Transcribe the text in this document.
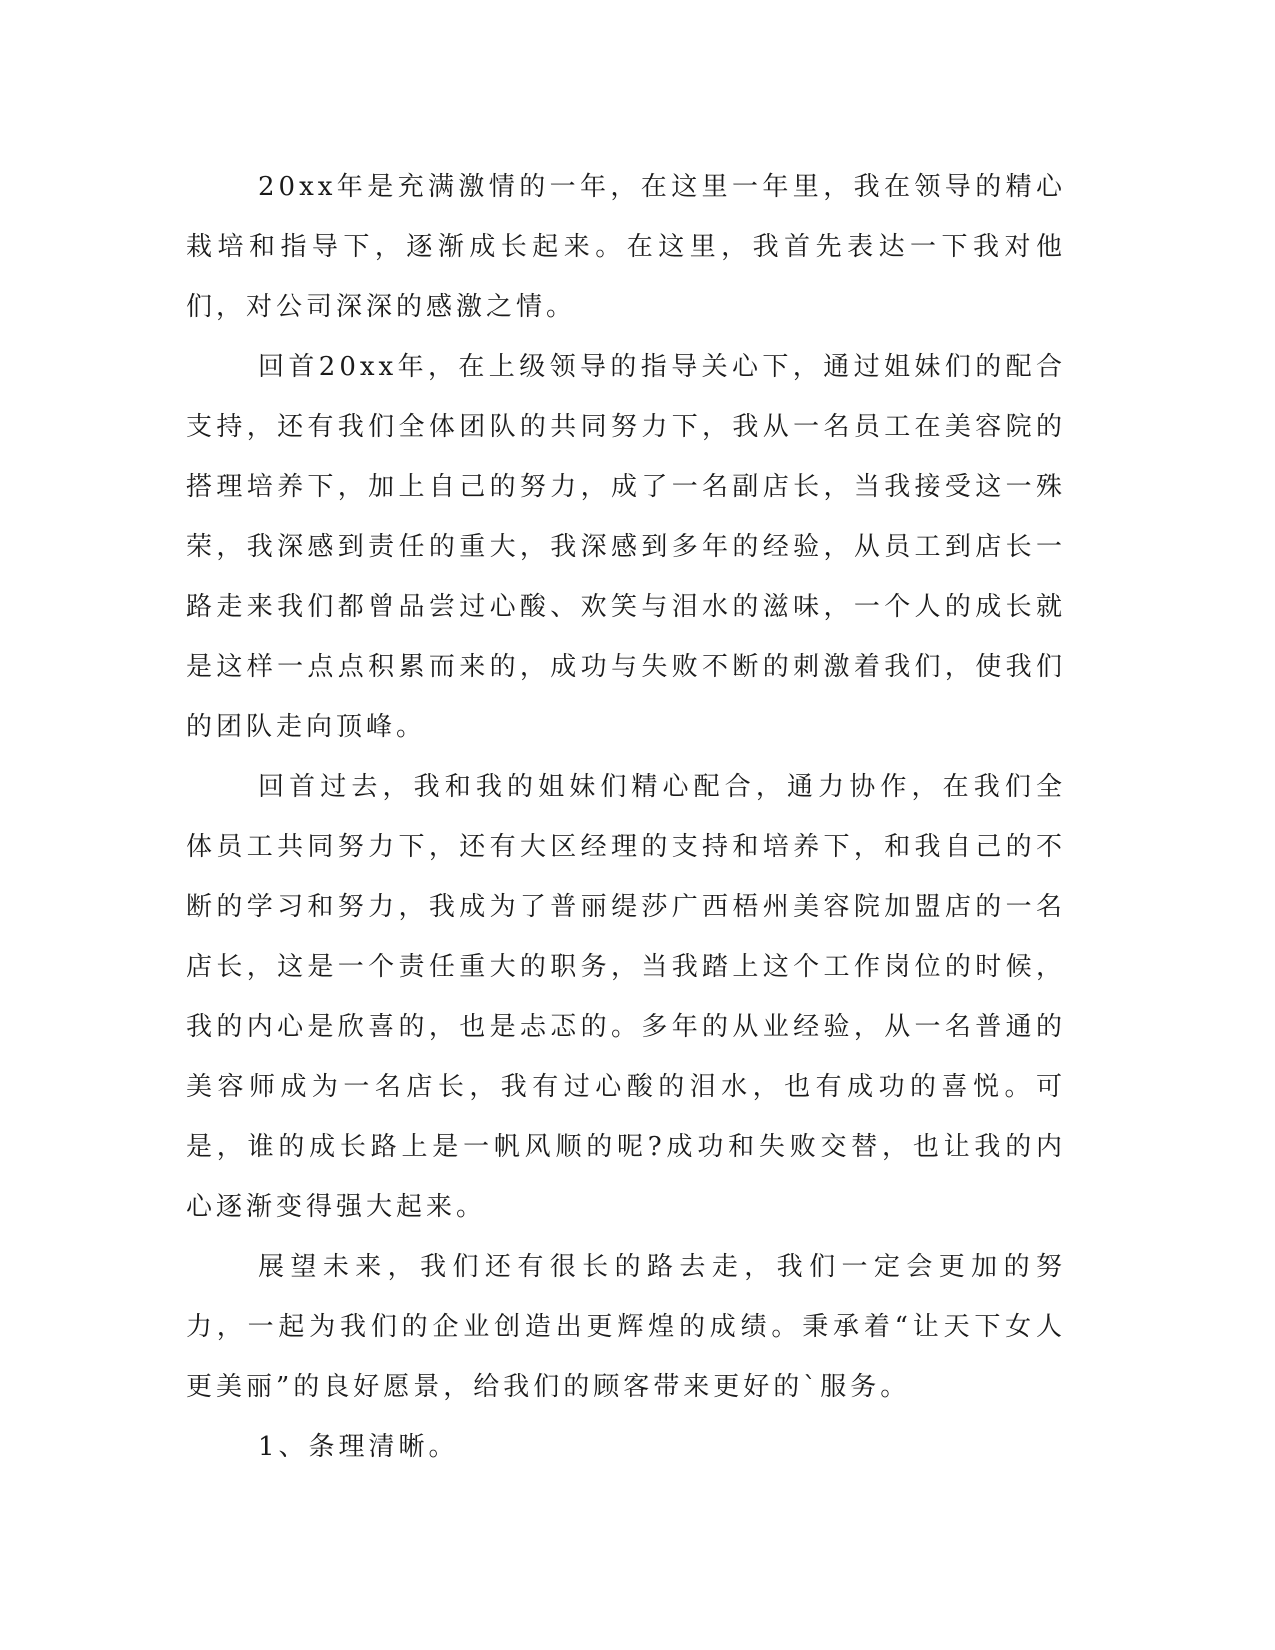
20xx年是充满激情的一年，在这里一年里，我在领导的精心栽培和指导下，逐渐成长起来。在这里，我首先表达一下我对他们，对公司深深的感激之情。

回首20xx年，在上级领导的指导关心下，通过姐妹们的配合支持，还有我们全体团队的共同努力下，我从一名员工在美容院的搭理培养下，加上自己的努力，成了一名副店长，当我接受这一殊荣，我深感到责任的重大，我深感到多年的经验，从员工到店长一路走来我们都曾品尝过心酸、欢笑与泪水的滋味，一个人的成长就是这样一点点积累而来的，成功与失败不断的刺激着我们，使我们的团队走向顶峰。

回首过去，我和我的姐妹们精心配合，通力协作，在我们全体员工共同努力下，还有大区经理的支持和培养下，和我自己的不断的学习和努力，我成为了普丽缇莎广西梧州美容院加盟店的一名店长，这是一个责任重大的职务，当我踏上这个工作岗位的时候，我的内心是欣喜的，也是忐忑的。多年的从业经验，从一名普通的美容师成为一名店长，我有过心酸的泪水，也有成功的喜悦。可是，谁的成长路上是一帆风顺的呢?成功和失败交替，也让我的内心逐渐变得强大起来。

展望未来，我们还有很长的路去走，我们一定会更加的努力，一起为我们的企业创造出更辉煌的成绩。秉承着“让天下女人更美丽”的良好愿景，给我们的顾客带来更好的`服务。

1、条理清晰。
